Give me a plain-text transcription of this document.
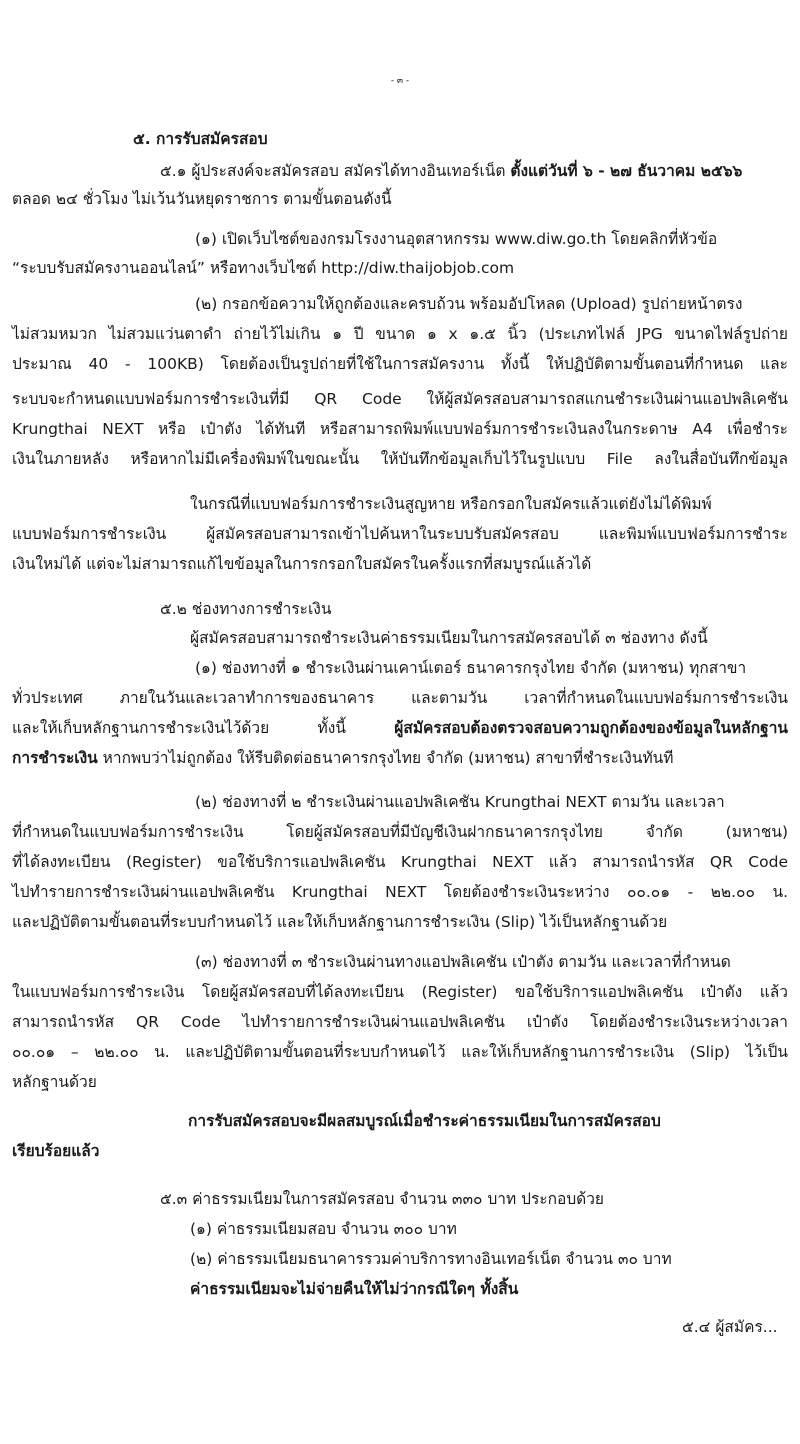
- ๓ -
๕. การรับสมัครสอบ
๕.๑ ผู้ประสงค์จะสมัครสอบ สมัครได้ทางอินเทอร์เน็ต ตั้งแต่วันที่ ๖ - ๒๗ ธันวาคม ๒๕๖๖
ตลอด ๒๔ ชั่วโมง ไม่เว้นวันหยุดราชการ ตามขั้นตอนดังนี้
(๑) เปิดเว็บไซต์ของกรมโรงงานอุตสาหกรรม www.diw.go.th โดยคลิกที่หัวข้อ
“ระบบรับสมัครงานออนไลน์” หรือทางเว็บไซต์ http://diw.thaijobjob.com
(๒) กรอกข้อความให้ถูกต้องและครบถ้วน พร้อมอัปโหลด (Upload) รูปถ่ายหน้าตรง
ไม่สวมหมวก ไม่สวมแว่นตาดำ ถ่ายไว้ไม่เกิน ๑ ปี ขนาด ๑ x ๑.๕ นิ้ว (ประเภทไฟล์ JPG ขนาดไฟล์รูปถ่าย
ประมาณ 40 - 100KB) โดยต้องเป็นรูปถ่ายที่ใช้ในการสมัครงาน ทั้งนี้ ให้ปฏิบัติตามขั้นตอนที่กำหนด และ
ระบบจะกำหนดแบบฟอร์มการชำระเงินที่มี QR Code ให้ผู้สมัครสอบสามารถสแกนชำระเงินผ่านแอปพลิเคชัน
Krungthai NEXT หรือ เป๋าตัง ได้ทันที หรือสามารถพิมพ์แบบฟอร์มการชำระเงินลงในกระดาษ A4 เพื่อชำระ
เงินในภายหลัง หรือหากไม่มีเครื่องพิมพ์ในขณะนั้น ให้บันทึกข้อมูลเก็บไว้ในรูปแบบ File ลงในสื่อบันทึกข้อมูล
ในกรณีที่แบบฟอร์มการชำระเงินสูญหาย หรือกรอกใบสมัครแล้วแต่ยังไม่ได้พิมพ์
แบบฟอร์มการชำระเงิน ผู้สมัครสอบสามารถเข้าไปค้นหาในระบบรับสมัครสอบ และพิมพ์แบบฟอร์มการชำระ
เงินใหม่ได้ แต่จะไม่สามารถแก้ไขข้อมูลในการกรอกใบสมัครในครั้งแรกที่สมบูรณ์แล้วได้
๕.๒ ช่องทางการชำระเงิน
ผู้สมัครสอบสามารถชำระเงินค่าธรรมเนียมในการสมัครสอบได้ ๓ ช่องทาง ดังนี้
(๑) ช่องทางที่ ๑ ชำระเงินผ่านเคาน์เตอร์ ธนาคารกรุงไทย จำกัด (มหาชน) ทุกสาขา
ทั่วประเทศ ภายในวันและเวลาทำการของธนาคาร และตามวัน เวลาที่กำหนดในแบบฟอร์มการชำระเงิน
และให้เก็บหลักฐานการชำระเงินไว้ด้วย ทั้งนี้ ผู้สมัครสอบต้องตรวจสอบความถูกต้องของข้อมูลในหลักฐาน
การชำระเงิน หากพบว่าไม่ถูกต้อง ให้รีบติดต่อธนาคารกรุงไทย จำกัด (มหาชน) สาขาที่ชำระเงินทันที
(๒) ช่องทางที่ ๒ ชำระเงินผ่านแอปพลิเคชัน Krungthai NEXT ตามวัน และเวลา
ที่กำหนดในแบบฟอร์มการชำระเงิน โดยผู้สมัครสอบที่มีบัญชีเงินฝากธนาคารกรุงไทย จำกัด (มหาชน)
ที่ได้ลงทะเบียน (Register) ขอใช้บริการแอปพลิเคชัน Krungthai NEXT แล้ว สามารถนำรหัส QR Code
ไปทำรายการชำระเงินผ่านแอปพลิเคชัน Krungthai NEXT โดยต้องชำระเงินระหว่าง ๐๐.๐๑ - ๒๒.๐๐ น.
และปฏิบัติตามขั้นตอนที่ระบบกำหนดไว้ และให้เก็บหลักฐานการชำระเงิน (Slip) ไว้เป็นหลักฐานด้วย
(๓) ช่องทางที่ ๓ ชำระเงินผ่านทางแอปพลิเคชัน เป๋าตัง ตามวัน และเวลาที่กำหนด
ในแบบฟอร์มการชำระเงิน โดยผู้สมัครสอบที่ได้ลงทะเบียน (Register) ขอใช้บริการแอปพลิเคชัน เป๋าตัง แล้ว
สามารถนำรหัส QR Code ไปทำรายการชำระเงินผ่านแอปพลิเคชัน เป๋าตัง โดยต้องชำระเงินระหว่างเวลา
๐๐.๐๑ – ๒๒.๐๐ น. และปฏิบัติตามขั้นตอนที่ระบบกำหนดไว้ และให้เก็บหลักฐานการชำระเงิน (Slip) ไว้เป็น
หลักฐานด้วย
การรับสมัครสอบจะมีผลสมบูรณ์เมื่อชำระค่าธรรมเนียมในการสมัครสอบ
เรียบร้อยแล้ว
๕.๓ ค่าธรรมเนียมในการสมัครสอบ จำนวน ๓๓๐ บาท ประกอบด้วย
(๑) ค่าธรรมเนียมสอบ จำนวน ๓๐๐ บาท
(๒) ค่าธรรมเนียมธนาคารรวมค่าบริการทางอินเทอร์เน็ต จำนวน ๓๐ บาท
ค่าธรรมเนียมจะไม่จ่ายคืนให้ไม่ว่ากรณีใดๆ ทั้งสิ้น
๕.๔ ผู้สมัคร...
